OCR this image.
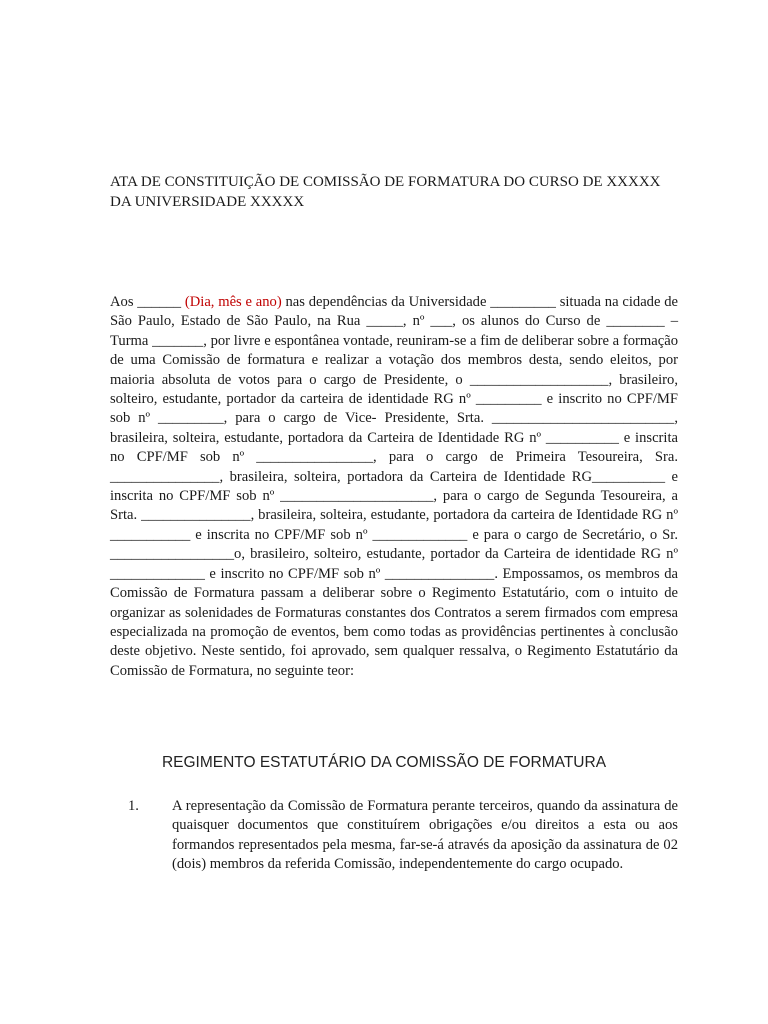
ATA DE CONSTITUIÇÃO DE COMISSÃO DE FORMATURA DO CURSO DE XXXXX DA UNIVERSIDADE XXXXX

Aos ______ (Dia, mês e ano) nas dependências da Universidade _________ situada na cidade de São Paulo, Estado de São Paulo, na Rua _____, nº ___, os alunos do Curso de ________ – Turma _______, por livre e espontânea vontade, reuniram-se a fim de deliberar sobre a formação de uma Comissão de formatura e realizar a votação dos membros desta, sendo eleitos, por maioria absoluta de votos para o cargo de Presidente, o ___________________, brasileiro, solteiro, estudante, portador da carteira de identidade RG nº _________ e inscrito no CPF/MF sob nº _________, para o cargo de Vice- Presidente, Srta. _________________________, brasileira, solteira, estudante, portadora da Carteira de Identidade RG nº __________ e inscrita no CPF/MF sob nº ________________, para o cargo de Primeira Tesoureira, Sra. _______________, brasileira, solteira, portadora da Carteira de Identidade RG__________ e inscrita no CPF/MF sob nº _____________________, para o cargo de Segunda Tesoureira, a Srta. _______________, brasileira, solteira, estudante, portadora da carteira de Identidade RG nº ___________ e inscrita no CPF/MF sob nº _____________ e para o cargo de Secretário, o Sr. _________________o, brasileiro, solteiro, estudante, portador da Carteira de identidade RG nº _____________ e inscrito no CPF/MF sob nº _______________. Empossamos, os membros da Comissão de Formatura passam a deliberar sobre o Regimento Estatutário, com o intuito de organizar as solenidades de Formaturas constantes dos Contratos a serem firmados com empresa especializada na promoção de eventos, bem como todas as providências pertinentes à conclusão deste objetivo. Neste sentido, foi aprovado, sem qualquer ressalva, o Regimento Estatutário da Comissão de Formatura, no seguinte teor:

REGIMENTO ESTATUTÁRIO DA COMISSÃO DE FORMATURA
1. A representação da Comissão de Formatura perante terceiros, quando da assinatura de quaisquer documentos que constituírem obrigações e/ou direitos a esta ou aos formandos representados pela mesma, far-se-á através da aposição da assinatura de 02 (dois) membros da referida Comissão, independentemente do cargo ocupado.
